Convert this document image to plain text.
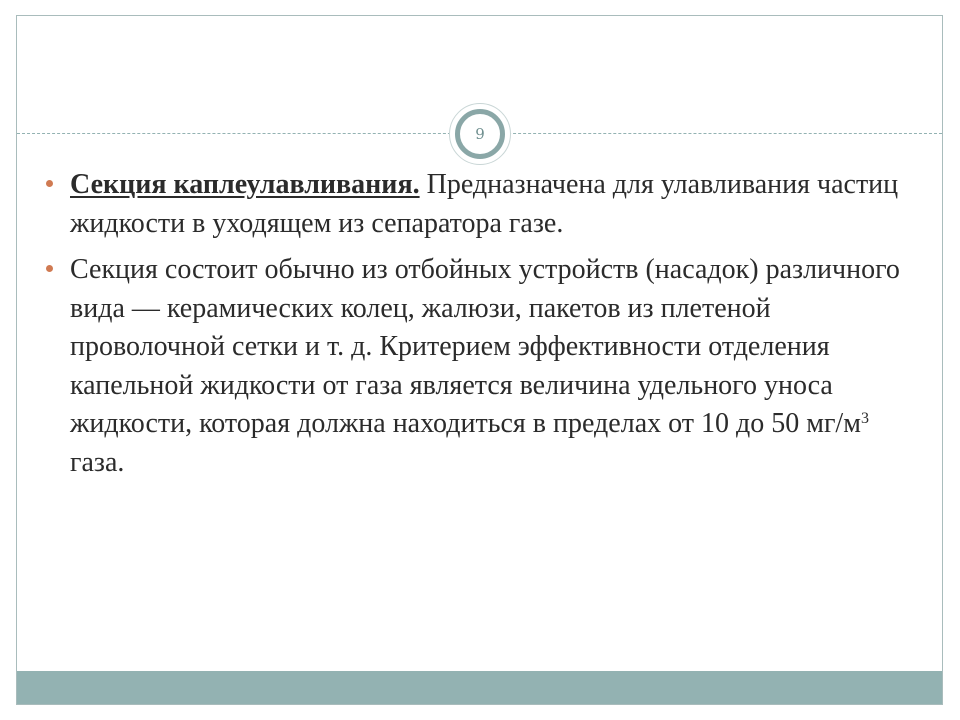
9
Секция каплеулавливания. Предназначена для улавливания частиц жидкости в уходящем из сепаратора газе.
Секция состоит обычно из отбойных устройств (насадок) различного вида — керамических колец, жалюзи, пакетов из плетеной проволочной сетки и т. д. Критерием эффективности отделения капельной жидкости от газа является величина удельного уноса жидкости, которая должна находиться в пределах от 10 до 50 $мг/м^3$ газа.
